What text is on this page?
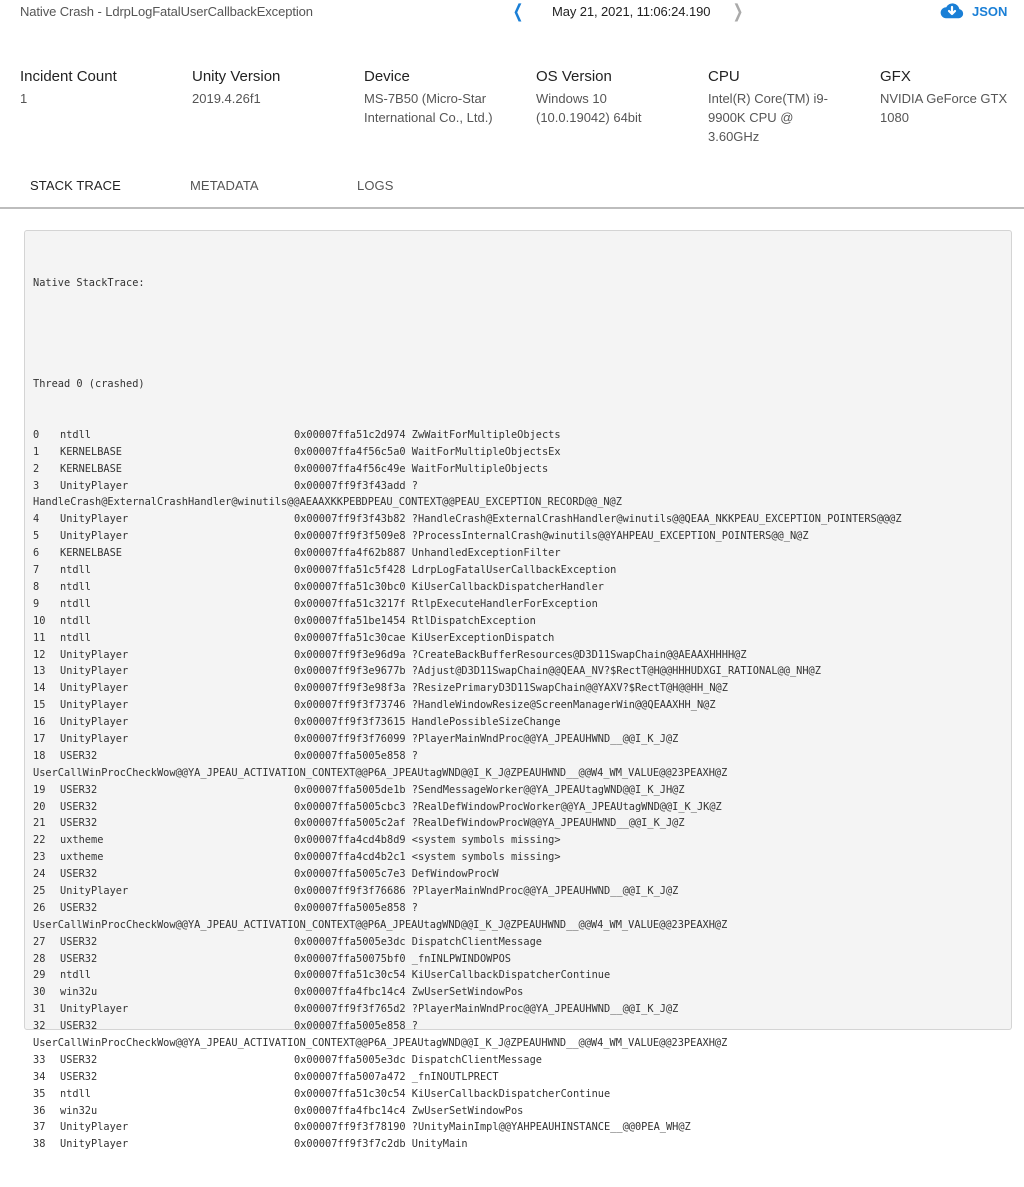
Native Crash - LdrpLogFatalUserCallbackException	❮ May 21, 2021, 11:06:24.190 ❯	JSON
Incident Count
1
Unity Version
2019.4.26f1
Device
MS-7B50 (Micro-Star International Co., Ltd.)
OS Version
Windows 10 (10.0.19042) 64bit
CPU
Intel(R) Core(TM) i9-9900K CPU @ 3.60GHz
GFX
NVIDIA GeForce GTX 1080
STACK TRACE	METADATA	LOGS

Native StackTrace:

Thread 0 (crashed)

0 ntdll	0x00007ffa51c2d974 ZwWaitForMultipleObjects
1 KERNELBASE	0x00007ffa4f56c5a0 WaitForMultipleObjectsEx
2 KERNELBASE	0x00007ffa4f56c49e WaitForMultipleObjects
3 UnityPlayer	0x00007ff9f3f43add ?
HandleCrash@ExternalCrashHandler@winutils@@AEAAXKKPEBDPEAU_CONTEXT@@PEAU_EXCEPTION_RECORD@@_N@Z
4 UnityPlayer	0x00007ff9f3f43b82 ?HandleCrash@ExternalCrashHandler@winutils@@QEAA_NKKPEAU_EXCEPTION_POINTERS@@@Z
5 UnityPlayer	0x00007ff9f3f509e8 ?ProcessInternalCrash@winutils@@YAHPEAU_EXCEPTION_POINTERS@@_N@Z
6 KERNELBASE	0x00007ffa4f62b887 UnhandledExceptionFilter
7 ntdll	0x00007ffa51c5f428 LdrpLogFatalUserCallbackException
8 ntdll	0x00007ffa51c30bc0 KiUserCallbackDispatcherHandler
9 ntdll	0x00007ffa51c3217f RtlpExecuteHandlerForException
10 ntdll	0x00007ffa51be1454 RtlDispatchException
11 ntdll	0x00007ffa51c30cae KiUserExceptionDispatch
12 UnityPlayer	0x00007ff9f3e96d9a ?CreateBackBufferResources@D3D11SwapChain@@AEAAXHHHH@Z
13 UnityPlayer	0x00007ff9f3e9677b ?Adjust@D3D11SwapChain@@QEAA_NV?$RectT@H@@HHHUDXGI_RATIONAL@@_NH@Z
14 UnityPlayer	0x00007ff9f3e98f3a ?ResizePrimaryD3D11SwapChain@@YAXV?$RectT@H@@HH_N@Z
15 UnityPlayer	0x00007ff9f3f73746 ?HandleWindowResize@ScreenManagerWin@@QEAAXHH_N@Z
16 UnityPlayer	0x00007ff9f3f73615 HandlePossibleSizeChange
17 UnityPlayer	0x00007ff9f3f76099 ?PlayerMainWndProc@@YA_JPEAUHWND__@@I_K_J@Z
18 USER32	0x00007ffa5005e858 ?
UserCallWinProcCheckWow@@YA_JPEAU_ACTIVATION_CONTEXT@@P6A_JPEAUtagWND@@I_K_J@ZPEAUHWND__@@W4_WM_VALUE@@23PEAXH@Z
19 USER32	0x00007ffa5005de1b ?SendMessageWorker@@YA_JPEAUtagWND@@I_K_JH@Z
20 USER32	0x00007ffa5005cbc3 ?RealDefWindowProcWorker@@YA_JPEAUtagWND@@I_K_JK@Z
21 USER32	0x00007ffa5005c2af ?RealDefWindowProcW@@YA_JPEAUHWND__@@I_K_J@Z
22 uxtheme	0x00007ffa4cd4b8d9 <system symbols missing>
23 uxtheme	0x00007ffa4cd4b2c1 <system symbols missing>
24 USER32	0x00007ffa5005c7e3 DefWindowProcW
25 UnityPlayer	0x00007ff9f3f76686 ?PlayerMainWndProc@@YA_JPEAUHWND__@@I_K_J@Z
26 USER32	0x00007ffa5005e858 ?
UserCallWinProcCheckWow@@YA_JPEAU_ACTIVATION_CONTEXT@@P6A_JPEAUtagWND@@I_K_J@ZPEAUHWND__@@W4_WM_VALUE@@23PEAXH@Z
27 USER32	0x00007ffa5005e3dc DispatchClientMessage
28 USER32	0x00007ffa50075bf0 _fnINLPWINDOWPOS
29 ntdll	0x00007ffa51c30c54 KiUserCallbackDispatcherContinue
30 win32u	0x00007ffa4fbc14c4 ZwUserSetWindowPos
31 UnityPlayer	0x00007ff9f3f765d2 ?PlayerMainWndProc@@YA_JPEAUHWND__@@I_K_J@Z
32 USER32	0x00007ffa5005e858 ?
UserCallWinProcCheckWow@@YA_JPEAU_ACTIVATION_CONTEXT@@P6A_JPEAUtagWND@@I_K_J@ZPEAUHWND__@@W4_WM_VALUE@@23PEAXH@Z
33 USER32	0x00007ffa5005e3dc DispatchClientMessage
34 USER32	0x00007ffa5007a472 _fnINOUTLPRECT
35 ntdll	0x00007ffa51c30c54 KiUserCallbackDispatcherContinue
36 win32u	0x00007ffa4fbc14c4 ZwUserSetWindowPos
37 UnityPlayer	0x00007ff9f3f78190 ?UnityMainImpl@@YAHPEAUHINSTANCE__@@0PEA_WH@Z
38 UnityPlayer	0x00007ff9f3f7c2db UnityMain
